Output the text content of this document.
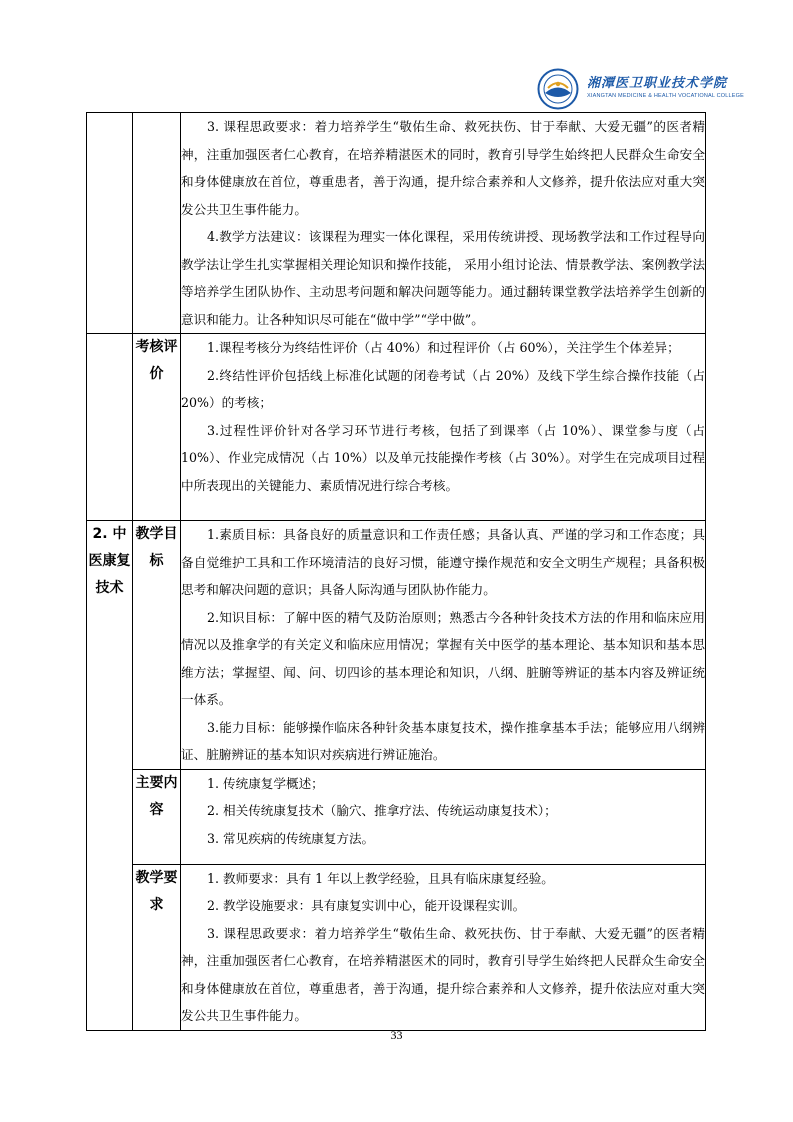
湘潭医卫职业技术学院
XIANGTAN MEDICINE & HEALTH VOCATIONAL COLLEGE

		3. 课程思政要求：着力培养学生“敬佑生命、救死扶伤、甘于奉献、大爱无疆”的医者精神，注重加强医者仁心教育，在培养精湛医术的同时，教育引导学生始终把人民群众生命安全和身体健康放在首位，尊重患者，善于沟通，提升综合素养和人文修养，提升依法应对重大突发公共卫生事件能力。

4.教学方法建议：该课程为理实一体化课程，采用传统讲授、现场教学法和工作过程导向教学法让学生扎实掌握相关理论知识和操作技能， 采用小组讨论法、情景教学法、案例教学法等培养学生团队协作、主动思考问题和解决问题等能力。通过翻转课堂教学法培养学生创新的意识和能力。让各种知识尽可能在“做中学”“学中做”。

	考核评价	1.课程考核分为终结性评价（占 40%）和过程评价（占 60%），关注学生个体差异；

2.终结性评价包括线上标准化试题的闭卷考试（占 20%）及线下学生综合操作技能（占 20%）的考核；

3.过程性评价针对各学习环节进行考核，包括了到课率（占 10%）、课堂参与度（占 10%）、作业完成情况（占 10%）以及单元技能操作考核（占 30%）。对学生在完成项目过程中所表现出的关键能力、素质情况进行综合考核。

2. 中医康复技术	教学目标	1.素质目标：具备良好的质量意识和工作责任感；具备认真、严谨的学习和工作态度；具备自觉维护工具和工作环境清洁的良好习惯，能遵守操作规范和安全文明生产规程；具备积极思考和解决问题的意识；具备人际沟通与团队协作能力。

2.知识目标：了解中医的精气及防治原则；熟悉古今各种针灸技术方法的作用和临床应用情况以及推拿学的有关定义和临床应用情况；掌握有关中医学的基本理论、基本知识和基本思维方法；掌握望、闻、问、切四诊的基本理论和知识，八纲、脏腑等辨证的基本内容及辨证统一体系。

3.能力目标：能够操作临床各种针灸基本康复技术，操作推拿基本手法；能够应用八纲辨证、脏腑辨证的基本知识对疾病进行辨证施治。

	主要内容	1. 传统康复学概述；

2. 相关传统康复技术（腧穴、推拿疗法、传统运动康复技术）；

3. 常见疾病的传统康复方法。

	教学要求	1. 教师要求：具有 1 年以上教学经验，且具有临床康复经验。

2. 教学设施要求：具有康复实训中心，能开设课程实训。

3. 课程思政要求：着力培养学生“敬佑生命、救死扶伤、甘于奉献、大爱无疆”的医者精神，注重加强医者仁心教育，在培养精湛医术的同时，教育引导学生始终把人民群众生命安全和身体健康放在首位，尊重患者，善于沟通，提升综合素养和人文修养，提升依法应对重大突发公共卫生事件能力。

33
